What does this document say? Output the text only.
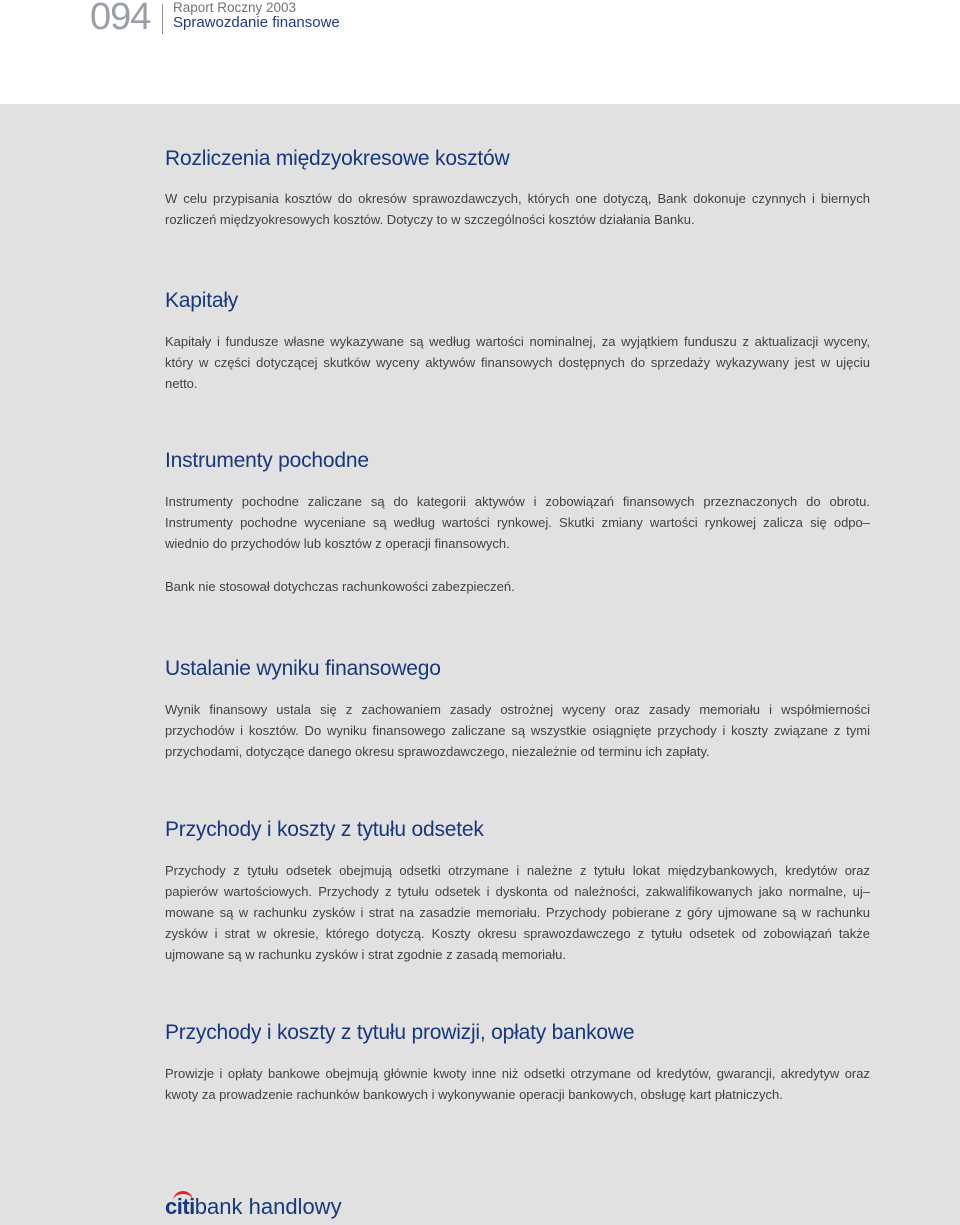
094 Raport Roczny 2003
Sprawozdanie finansowe
Rozliczenia międzyokresowe kosztów

W celu przypisania kosztów do okresów sprawozdawczych, których one dotyczą, Bank dokonuje czynnych i biernych rozliczeń międzyokresowych kosztów. Dotyczy to w szczególności kosztów działania Banku.

Kapitały

Kapitały i fundusze własne wykazywane są według wartości nominalnej, za wyjątkiem funduszu z aktualizacji wyceny, który w części dotyczącej skutków wyceny aktywów finansowych dostępnych do sprzedaży wykazywany jest w ujęciu netto.

Instrumenty pochodne

Instrumenty pochodne zaliczane są do kategorii aktywów i zobowiązań finansowych przeznaczonych do obrotu. Instrumenty pochodne wyceniane są według wartości rynkowej. Skutki zmiany wartości rynkowej zalicza się odpo– wiednio do przychodów lub kosztów z operacji finansowych.

Bank nie stosował dotychczas rachunkowości zabezpieczeń.

Ustalanie wyniku finansowego

Wynik finansowy ustala się z zachowaniem zasady ostrożnej wyceny oraz zasady memoriału i współmierności przychodów i kosztów. Do wyniku finansowego zaliczane są wszystkie osiągnięte przychody i koszty związane z tymi przychodami, dotyczące danego okresu sprawozdawczego, niezależnie od terminu ich zapłaty.

Przychody i koszty z tytułu odsetek

Przychody z tytułu odsetek obejmują odsetki otrzymane i należne z tytułu lokat międzybankowych, kredytów oraz papierów wartościowych. Przychody z tytułu odsetek i dyskonta od należności, zakwalifikowanych jako normalne, uj– mowane są w rachunku zysków i strat na zasadzie memoriału. Przychody pobierane z góry ujmowane są w rachunku zysków i strat w okresie, którego dotyczą. Koszty okresu sprawozdawczego z tytułu odsetek od zobowiązań także ujmowane są w rachunku zysków i strat zgodnie z zasadą memoriału.

Przychody i koszty z tytułu prowizji, opłaty bankowe

Prowizje i opłaty bankowe obejmują głównie kwoty inne niż odsetki otrzymane od kredytów, gwarancji, akredytyw oraz kwoty za prowadzenie rachunków bankowych i wykonywanie operacji bankowych, obsługę kart płatniczych.

citibank handlowy
